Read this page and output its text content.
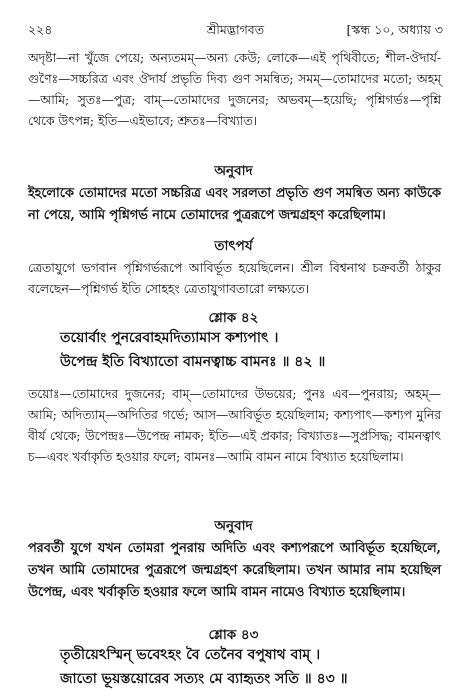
২২৪	শ্রীমদ্ভাগবত	[স্কন্ধ ১০, অধ্যায় ৩
অদৃষ্টা—না খুঁজে পেয়ে; অন্যতমম্—অন্য কেউ; লোকে—এই পৃথিবীতে; শীল-ঔদার্য-গুণৈঃ—সচ্চরিত্র এবং ঔদার্য প্রভৃতি দিব্য গুণ সমন্বিত; সমম্—তোমাদের মতো; অহম্—আমি; সুতঃ—পুত্র; বাম্—তোমাদের দুজনের; অভবম্—হয়েছি; পৃশ্নিগর্ভঃ—পৃশ্নি থেকে উৎপন্ন; ইতি—এইভাবে; শ্রুতঃ—বিখ্যাত।
অনুবাদ
ইহলোকে তোমাদের মতো সচ্চরিত্র এবং সরলতা প্রভৃতি গুণ সমন্বিত অন্য কাউকে না পেয়ে, আমি পৃশ্নিগর্ভ নামে তোমাদের পুত্ররূপে জন্মগ্রহণ করেছিলাম।
তাৎপর্য
ত্রেতাযুগে ভগবান পৃশ্নিগর্ভরূপে আবির্ভূত হয়েছিলেন। শ্রীল বিশ্বনাথ চক্রবর্তী ঠাকুর বলেছেন—পৃশ্নিগর্ভ ইতি সোহহং ত্রেতাযুগাবতারো লক্ষ্যতে।
শ্লোক ৪২
তয়োর্বাং পুনরেবাহমদিত্যামাস কশ্যপাৎ ।
উপেন্দ্র ইতি বিখ্যাতো বামনত্বাচ্চ বামনঃ ॥ ৪২ ॥
তয়োঃ—তোমাদের দুজনের; বাম্—তোমাদের উভয়ের; পুনঃ এব—পুনরায়; অহম্—আমি; অদিত্যাম্—অদিতির গর্ভে; আস—আবির্ভূত হয়েছিলাম; কশ্যপাৎ—কশ্যপ মুনির বীর্য থেকে; উপেন্দ্রঃ—উপেন্দ্র নামক; ইতি—এই প্রকার; বিখ্যাতঃ—সুপ্রসিদ্ধ; বামনত্বাৎ চ—এবং খর্বাকৃতি হওয়ার ফলে; বামনঃ—আমি বামন নামে বিখ্যাত হয়েছিলাম।
অনুবাদ
পরবর্তী যুগে যখন তোমরা পুনরায় অদিতি এবং কশ্যপরূপে আবির্ভূত হয়েছিলে, তখন আমি তোমাদের পুত্ররূপে জন্মগ্রহণ করেছিলাম। তখন আমার নাম হয়েছিল উপেন্দ্র, এবং খর্বাকৃতি হওয়ার ফলে আমি বামন নামেও বিখ্যাত হয়েছিলাম।
শ্লোক ৪৩
তৃতীয়েঽস্মিন্ ভবেঽহং বৈ তেনৈব বপুষাথ বাম্ ।
জাতো ভূয়স্তয়োরেব সত্যং মে ব্যাহৃতং সতি ॥ ৪৩ ॥
